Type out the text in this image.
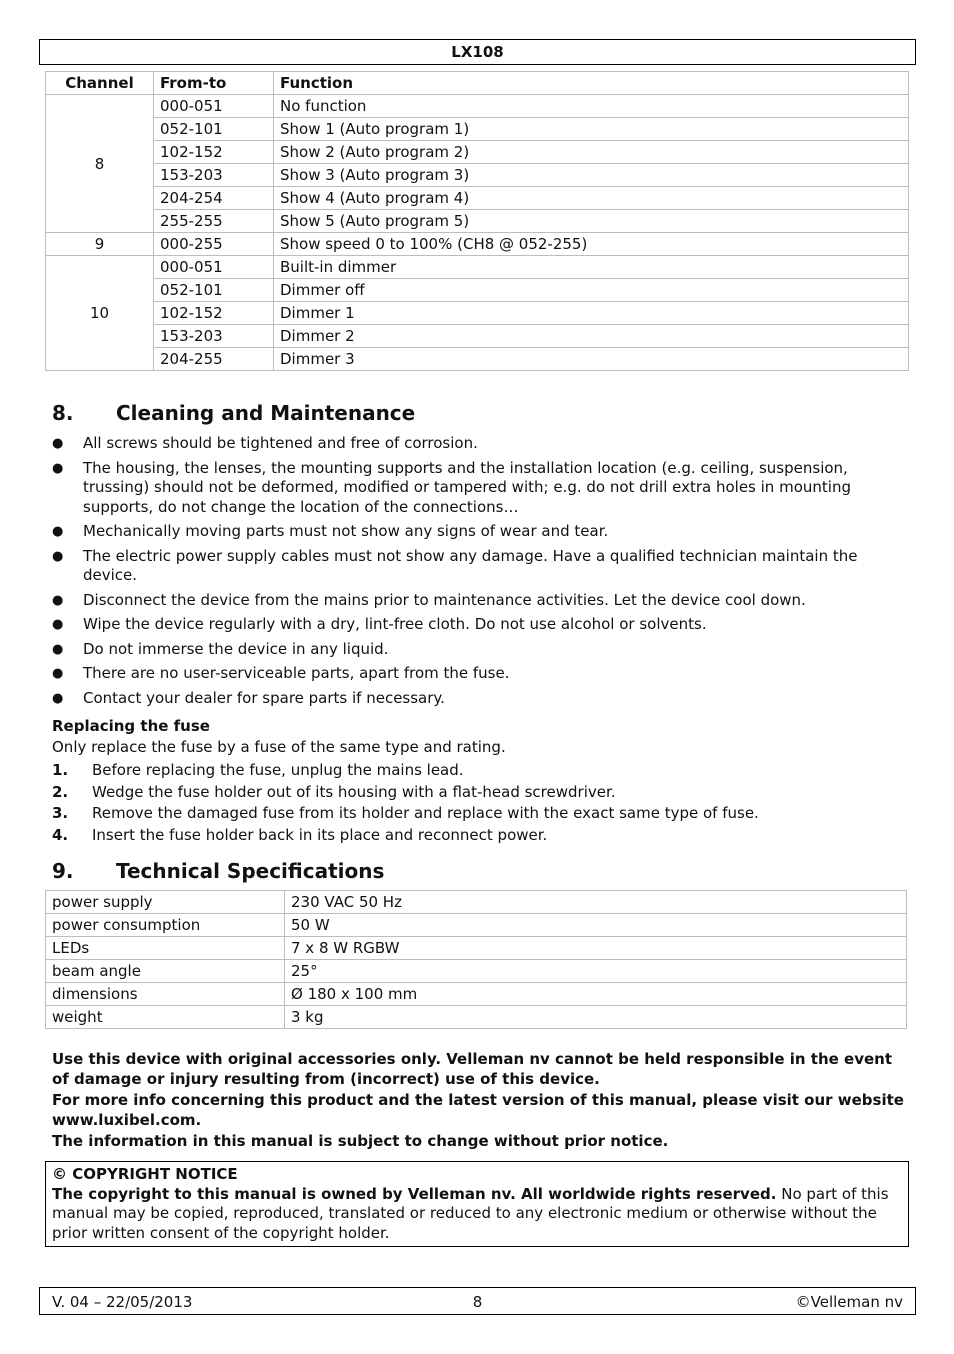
LX108
Channel	From-to	Function
8	000-051	No function
	052-101	Show 1 (Auto program 1)
	102-152	Show 2 (Auto program 2)
	153-203	Show 3 (Auto program 3)
	204-254	Show 4 (Auto program 4)
	255-255	Show 5 (Auto program 5)
9	000-255	Show speed 0 to 100% (CH8 @ 052-255)
10	000-051	Built-in dimmer
	052-101	Dimmer off
	102-152	Dimmer 1
	153-203	Dimmer 2
	204-255	Dimmer 3
8. Cleaning and Maintenance
● All screws should be tightened and free of corrosion.
● The housing, the lenses, the mounting supports and the installation location (e.g. ceiling, suspension, trussing) should not be deformed, modified or tampered with; e.g. do not drill extra holes in mounting supports, do not change the location of the connections…
● Mechanically moving parts must not show any signs of wear and tear.
● The electric power supply cables must not show any damage. Have a qualified technician maintain the device.
● Disconnect the device from the mains prior to maintenance activities. Let the device cool down.
● Wipe the device regularly with a dry, lint-free cloth. Do not use alcohol or solvents.
● Do not immerse the device in any liquid.
● There are no user-serviceable parts, apart from the fuse.
● Contact your dealer for spare parts if necessary.
Replacing the fuse
Only replace the fuse by a fuse of the same type and rating.
1. Before replacing the fuse, unplug the mains lead.
2. Wedge the fuse holder out of its housing with a flat-head screwdriver.
3. Remove the damaged fuse from its holder and replace with the exact same type of fuse.
4. Insert the fuse holder back in its place and reconnect power.
9. Technical Specifications
power supply	230 VAC 50 Hz
power consumption	50 W
LEDs	7 x 8 W RGBW
beam angle	25°
dimensions	Ø 180 x 100 mm
weight	3 kg
Use this device with original accessories only. Velleman nv cannot be held responsible in the event of damage or injury resulting from (incorrect) use of this device.
For more info concerning this product and the latest version of this manual, please visit our website www.luxibel.com.
The information in this manual is subject to change without prior notice.
© COPYRIGHT NOTICE
The copyright to this manual is owned by Velleman nv. All worldwide rights reserved. No part of this manual may be copied, reproduced, translated or reduced to any electronic medium or otherwise without the prior written consent of the copyright holder.
V. 04 – 22/05/2013	8	©Velleman nv
